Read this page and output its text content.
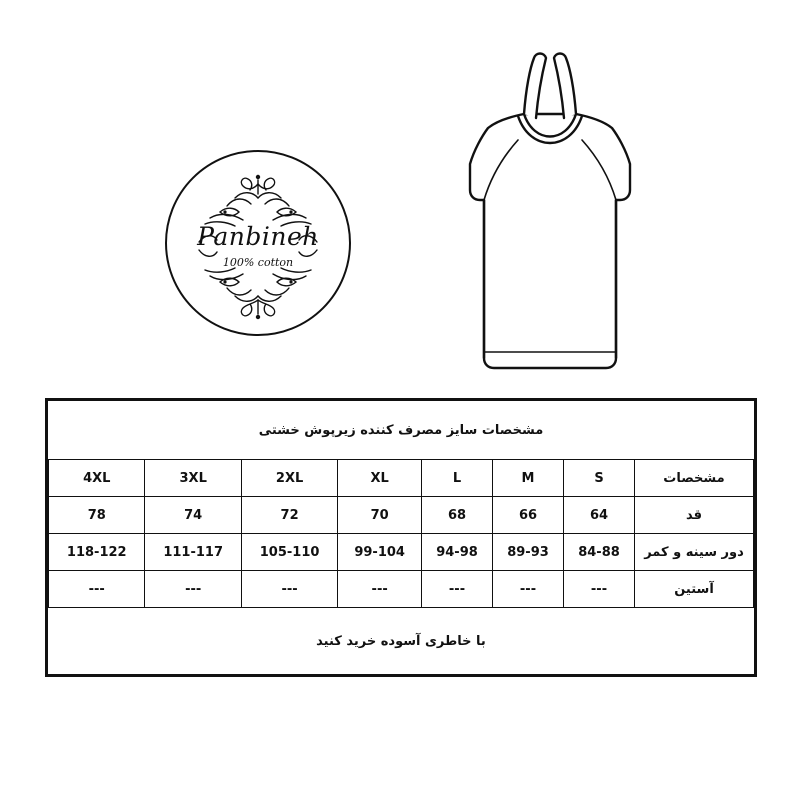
Panbineh
100% cotton
مشخصات سایز مصرف کننده زیرپوش خشتی							
مشخصات	S	M	L	XL	2XL	3XL	4XL
قد	64	66	68	70	72	74	78
دور سینه و کمر	84-88	89-93	94-98	99-104	105-110	111-117	118-122
آستین	---	---	---	---	---	---	---
با خاطری آسوده خرید کنید							
